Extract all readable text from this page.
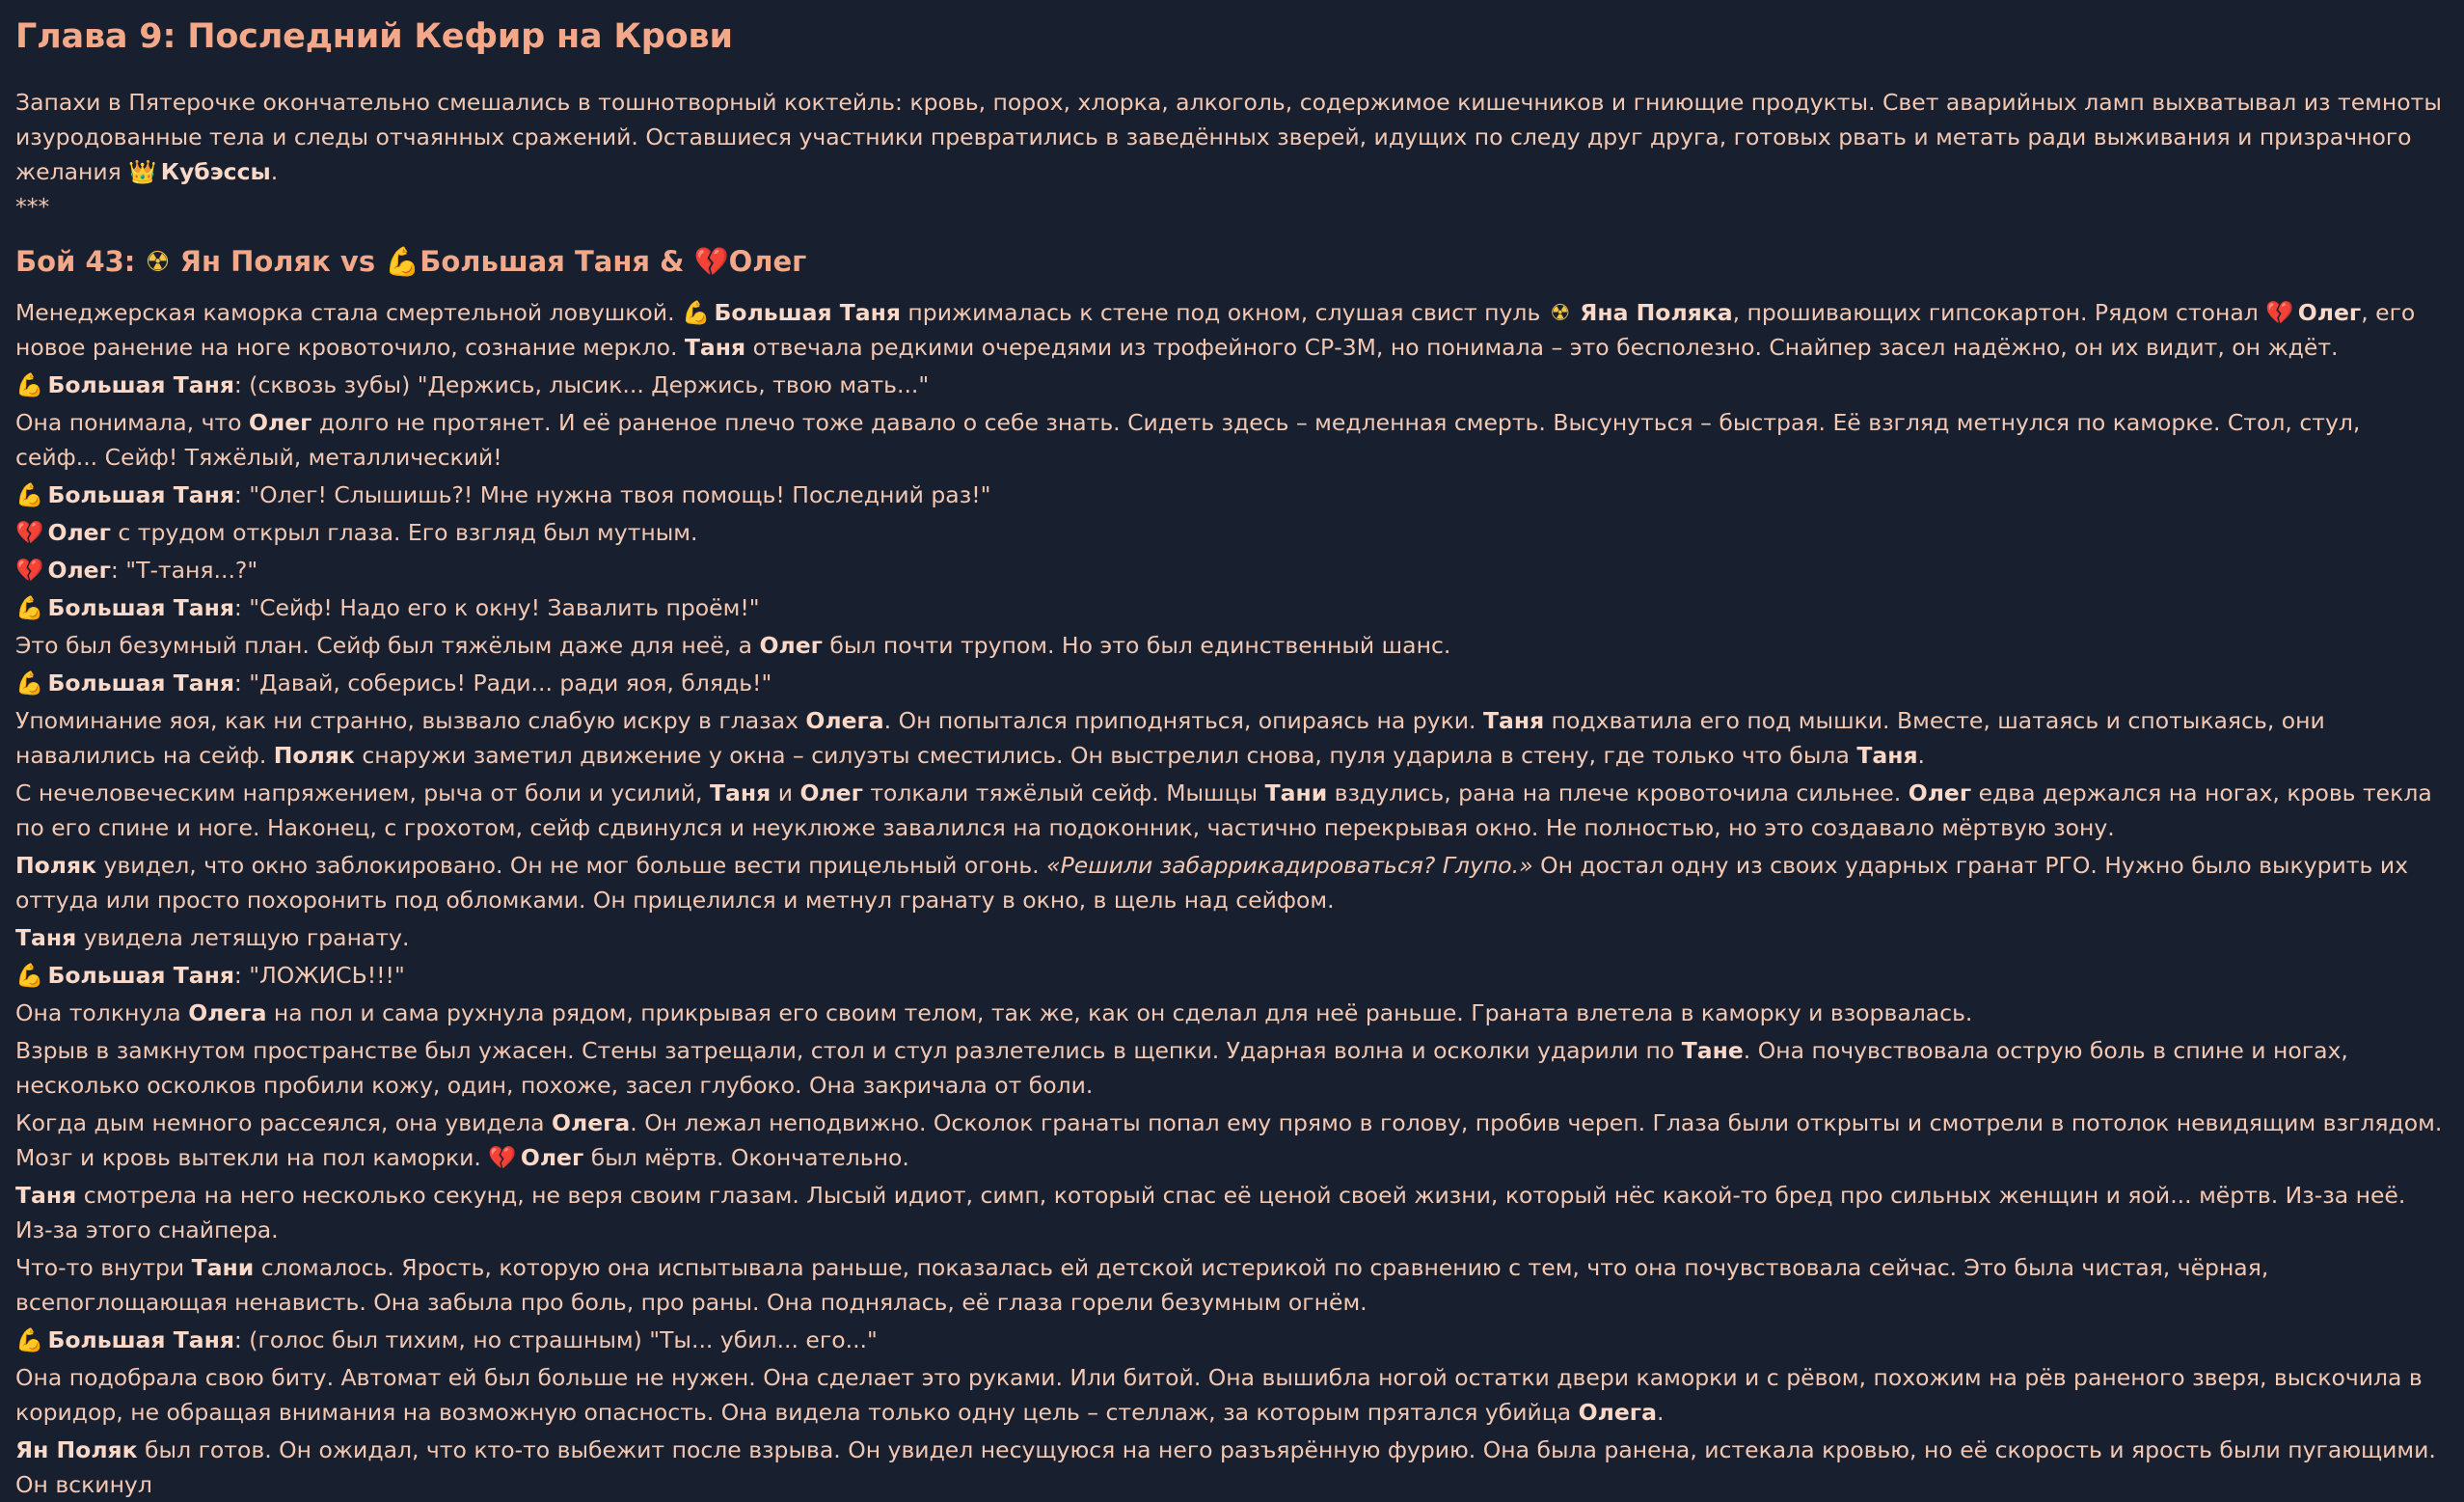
Глава 9: Последний Кефир на Крови

Запахи в Пятерочке окончательно смешались в тошнотворный коктейль: кровь, порох, хлорка, алкоголь, содержимое кишечников и гниющие продукты. Свет аварийных ламп выхватывал из темноты изуродованные тела и следы отчаянных сражений. Оставшиеся участники превратились в заведённых зверей, идущих по следу друг друга, готовых рвать и метать ради выживания и призрачного желания 👑 Кубэссы.

***

Бой 43: ☢ Ян Поляк vs 💪 Большая Таня & 💔 Олег

Менеджерская каморка стала смертельной ловушкой. 💪 Большая Таня прижималась к стене под окном, слушая свист пуль ☢ Яна Поляка, прошивающих гипсокартон. Рядом стонал 💔 Олег, его новое ранение на ноге кровоточило, сознание меркло. Таня отвечала редкими очередями из трофейного СР-3М, но понимала – это бесполезно. Снайпер засел надёжно, он их видит, он ждёт.

💪 Большая Таня: (сквозь зубы) "Держись, лысик... Держись, твою мать..."

Она понимала, что Олег долго не протянет. И её раненое плечо тоже давало о себе знать. Сидеть здесь – медленная смерть. Высунуться – быстрая. Её взгляд метнулся по каморке. Стол, стул, сейф... Сейф! Тяжёлый, металлический!

💪 Большая Таня: "Олег! Слышишь?! Мне нужна твоя помощь! Последний раз!"

💔 Олег с трудом открыл глаза. Его взгляд был мутным.

💔 Олег: "Т-таня...?"

💪 Большая Таня: "Сейф! Надо его к окну! Завалить проём!"

Это был безумный план. Сейф был тяжёлым даже для неё, а Олег был почти трупом. Но это был единственный шанс.

💪 Большая Таня: "Давай, соберись! Ради... ради яоя, блядь!"

Упоминание яоя, как ни странно, вызвало слабую искру в глазах Олега. Он попытался приподняться, опираясь на руки. Таня подхватила его под мышки. Вместе, шатаясь и спотыкаясь, они навалились на сейф. Поляк снаружи заметил движение у окна – силуэты сместились. Он выстрелил снова, пуля ударила в стену, где только что была Таня.

С нечеловеческим напряжением, рыча от боли и усилий, Таня и Олег толкали тяжёлый сейф. Мышцы Тани вздулись, рана на плече кровоточила сильнее. Олег едва держался на ногах, кровь текла по его спине и ноге. Наконец, с грохотом, сейф сдвинулся и неуклюже завалился на подоконник, частично перекрывая окно. Не полностью, но это создавало мёртвую зону.

Поляк увидел, что окно заблокировано. Он не мог больше вести прицельный огонь. «Решили забаррикадироваться? Глупо.» Он достал одну из своих ударных гранат РГО. Нужно было выкурить их оттуда или просто похоронить под обломками. Он прицелился и метнул гранату в окно, в щель над сейфом.

Таня увидела летящую гранату.

💪 Большая Таня: "ЛОЖИСЬ!!!"

Она толкнула Олега на пол и сама рухнула рядом, прикрывая его своим телом, так же, как он сделал для неё раньше. Граната влетела в каморку и взорвалась.

Взрыв в замкнутом пространстве был ужасен. Стены затрещали, стол и стул разлетелись в щепки. Ударная волна и осколки ударили по Тане. Она почувствовала острую боль в спине и ногах, несколько осколков пробили кожу, один, похоже, засел глубоко. Она закричала от боли.

Когда дым немного рассеялся, она увидела Олега. Он лежал неподвижно. Осколок гранаты попал ему прямо в голову, пробив череп. Глаза были открыты и смотрели в потолок невидящим взглядом. Мозг и кровь вытекли на пол каморки. 💔 Олег был мёртв. Окончательно.

Таня смотрела на него несколько секунд, не веря своим глазам. Лысый идиот, симп, который спас её ценой своей жизни, который нёс какой-то бред про сильных женщин и яой... мёртв. Из-за неё. Из-за этого снайпера.

Что-то внутри Тани сломалось. Ярость, которую она испытывала раньше, показалась ей детской истерикой по сравнению с тем, что она почувствовала сейчас. Это была чистая, чёрная, всепоглощающая ненависть. Она забыла про боль, про раны. Она поднялась, её глаза горели безумным огнём.

💪 Большая Таня: (голос был тихим, но страшным) "Ты... убил... его..."

Она подобрала свою биту. Автомат ей был больше не нужен. Она сделает это руками. Или битой. Она вышибла ногой остатки двери каморки и с рёвом, похожим на рёв раненого зверя, выскочила в коридор, не обращая внимания на возможную опасность. Она видела только одну цель – стеллаж, за которым прятался убийца Олега.

Ян Поляк был готов. Он ожидал, что кто-то выбежит после взрыва. Он увидел несущуюся на него разъярённую фурию. Она была ранена, истекала кровью, но её скорость и ярость были пугающими. Он вскинул
